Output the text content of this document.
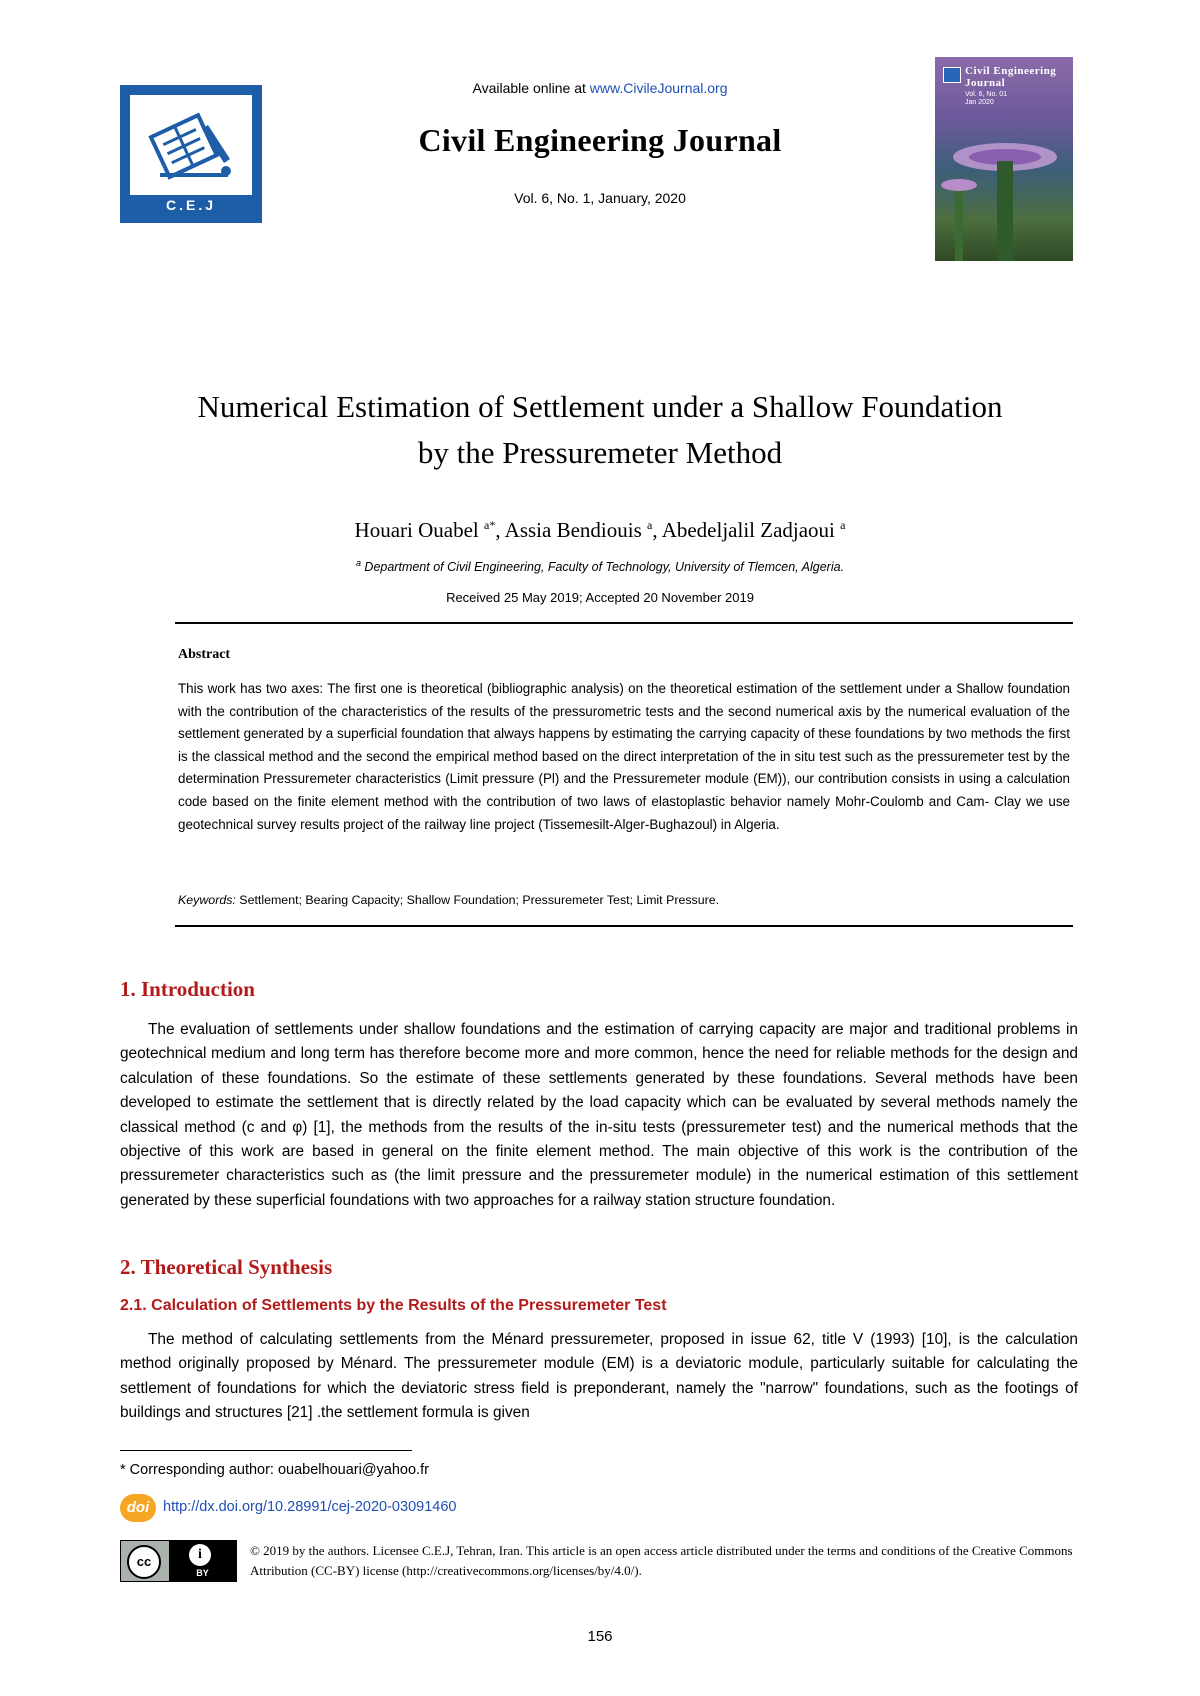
C.E.J
Available online at www.CivileJournal.org
Civil Engineering Journal
Vol. 6, No. 1, January, 2020
Civil Engineering
Journal
Vol. 6, No. 01
Jan 2020
Numerical Estimation of Settlement under a Shallow Foundation
by the Pressuremeter Method
Houari Ouabel $^{a*}$, Assia Bendiouis $^a$, Abedeljalil Zadjaoui $^a$
$^a$ Department of Civil Engineering, Faculty of Technology, University of Tlemcen, Algeria.
Received 25 May 2019; Accepted 20 November 2019
Abstract
This work has two axes: The first one is theoretical (bibliographic analysis) on the theoretical estimation of the settlement under a Shallow foundation with the contribution of the characteristics of the results of the pressurometric tests and the second numerical axis by the numerical evaluation of the settlement generated by a superficial foundation that always happens by estimating the carrying capacity of these foundations by two methods the first is the classical method and the second the empirical method based on the direct interpretation of the in situ test such as the pressuremeter test by the determination Pressuremeter characteristics (Limit pressure (Pl) and the Pressuremeter module (EM)), our contribution consists in using a calculation code based on the finite element method with the contribution of two laws of elastoplastic behavior namely Mohr-Coulomb and Cam- Clay we use geotechnical survey results project of the railway line project (Tissemesilt-Alger-Bughazoul) in Algeria.
Keywords: Settlement; Bearing Capacity; Shallow Foundation; Pressuremeter Test; Limit Pressure.
1. Introduction
The evaluation of settlements under shallow foundations and the estimation of carrying capacity are major and traditional problems in geotechnical medium and long term has therefore become more and more common, hence the need for reliable methods for the design and calculation of these foundations. So the estimate of these settlements generated by these foundations. Several methods have been developed to estimate the settlement that is directly related by the load capacity which can be evaluated by several methods namely the classical method (c and φ) [1], the methods from the results of the in-situ tests (pressuremeter test) and the numerical methods that the objective of this work are based in general on the finite element method. The main objective of this work is the contribution of the pressuremeter characteristics such as (the limit pressure and the pressuremeter module) in the numerical estimation of this settlement generated by these superficial foundations with two approaches for a railway station structure foundation.
2. Theoretical Synthesis
2.1. Calculation of Settlements by the Results of the Pressuremeter Test
The method of calculating settlements from the Ménard pressuremeter, proposed in issue 62, title V (1993) [10], is the calculation method originally proposed by Ménard. The pressuremeter module (EM) is a deviatoric module, particularly suitable for calculating the settlement of foundations for which the deviatoric stress field is preponderant, namely the "narrow" foundations, such as the footings of buildings and structures [21] .the settlement formula is given
* Corresponding author: ouabelhouari@yahoo.fr
doi http://dx.doi.org/10.28991/cej-2020-03091460
cc	i
BY
© 2019 by the authors. Licensee C.E.J, Tehran, Iran. This article is an open access article distributed under the terms and conditions of the Creative Commons Attribution (CC-BY) license (http://creativecommons.org/licenses/by/4.0/).
156
